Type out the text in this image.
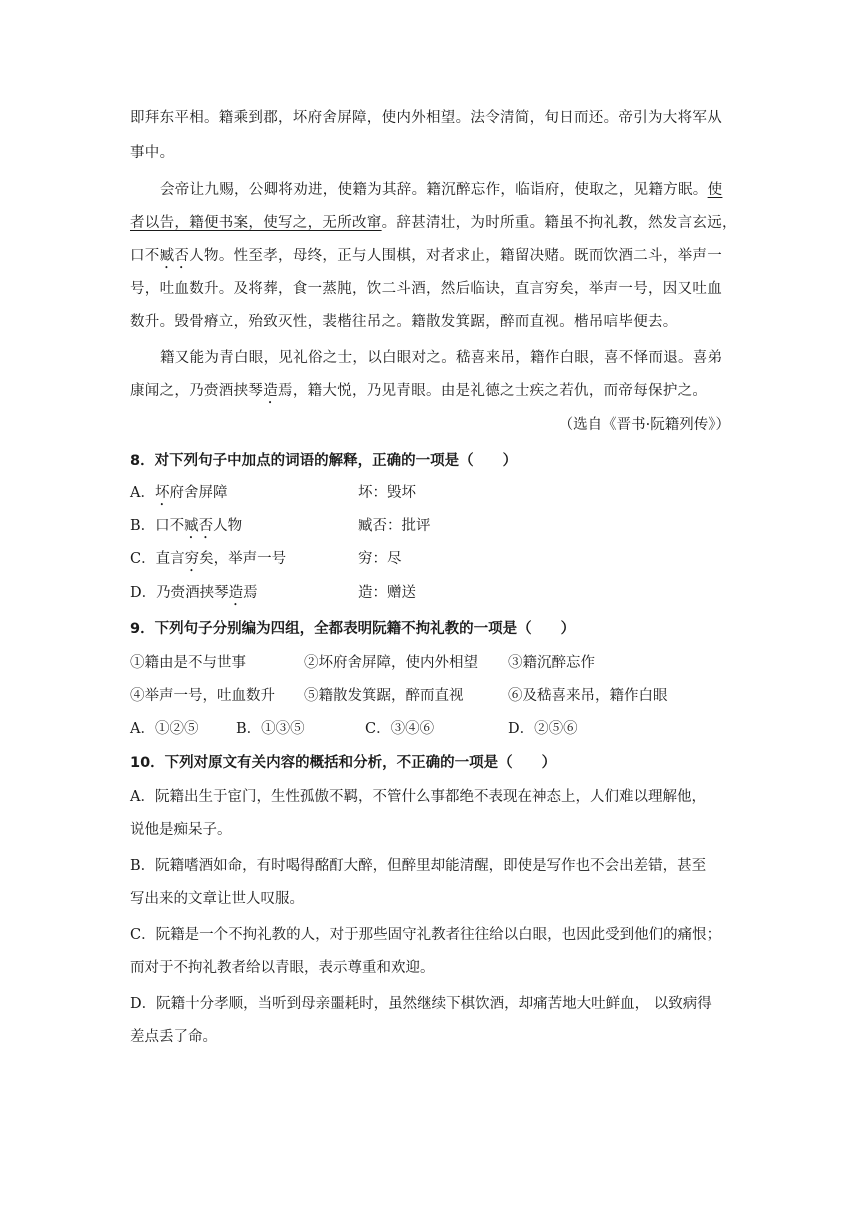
即拜东平相。籍乘到郡，坏府舍屏障，使内外相望。法令清简，旬日而还。帝引为大将军从
事中。
会帝让九赐，公卿将劝进，使籍为其辞。籍沉醉忘作，临诣府，使取之，见籍方眠。使
者以告，籍便书案，使写之，无所改窜。辞甚清壮，为时所重。籍虽不拘礼教，然发言玄远，
口不臧否人物。性至孝，母终，正与人围棋，对者求止，籍留决赌。既而饮酒二斗，举声一
号，吐血数升。及将葬，食一蒸肫，饮二斗酒，然后临诀，直言穷矣，举声一号，因又吐血
数升。毁骨瘠立，殆致灭性，裴楷往吊之。籍散发箕踞，醉而直视。楷吊唁毕便去。
籍又能为青白眼，见礼俗之士，以白眼对之。嵇喜来吊，籍作白眼，喜不怿而退。喜弟
康闻之，乃赍酒挟琴造焉，籍大悦，乃见青眼。由是礼德之士疾之若仇，而帝每保护之。
（选自《晋书·阮籍列传》）
8．对下列句子中加点的词语的解释，正确的一项是（　　）
A．坏府舍屏障	坏：毁坏
B．口不臧否人物	臧否：批评
C．直言穷矣，举声一号	穷：尽
D．乃赍酒挟琴造焉	造：赠送
9．下列句子分别编为四组，全都表明阮籍不拘礼教的一项是（　　）
①籍由是不与世事	②坏府舍屏障，使内外相望 ③籍沉醉忘作
④举声一号，吐血数升 ⑤籍散发箕踞，醉而直视	⑥及嵇喜来吊，籍作白眼
A．①②⑤	B．①③⑤	C．③④⑥	D．②⑤⑥
10．下列对原文有关内容的概括和分析，不正确的一项是（　　）
A．阮籍出生于宦门，生性孤傲不羁，不管什么事都绝不表现在神态上，人们难以理解他，
说他是痴呆子。
B．阮籍嗜酒如命，有时喝得酩酊大醉，但醉里却能清醒，即使是写作也不会出差错，甚至
写出来的文章让世人叹服。
C．阮籍是一个不拘礼教的人，对于那些固守礼教者往往给以白眼，也因此受到他们的痛恨；
而对于不拘礼教者给以青眼，表示尊重和欢迎。
D．阮籍十分孝顺，当听到母亲噩耗时，虽然继续下棋饮酒，却痛苦地大吐鲜血， 以致病得
差点丢了命。
